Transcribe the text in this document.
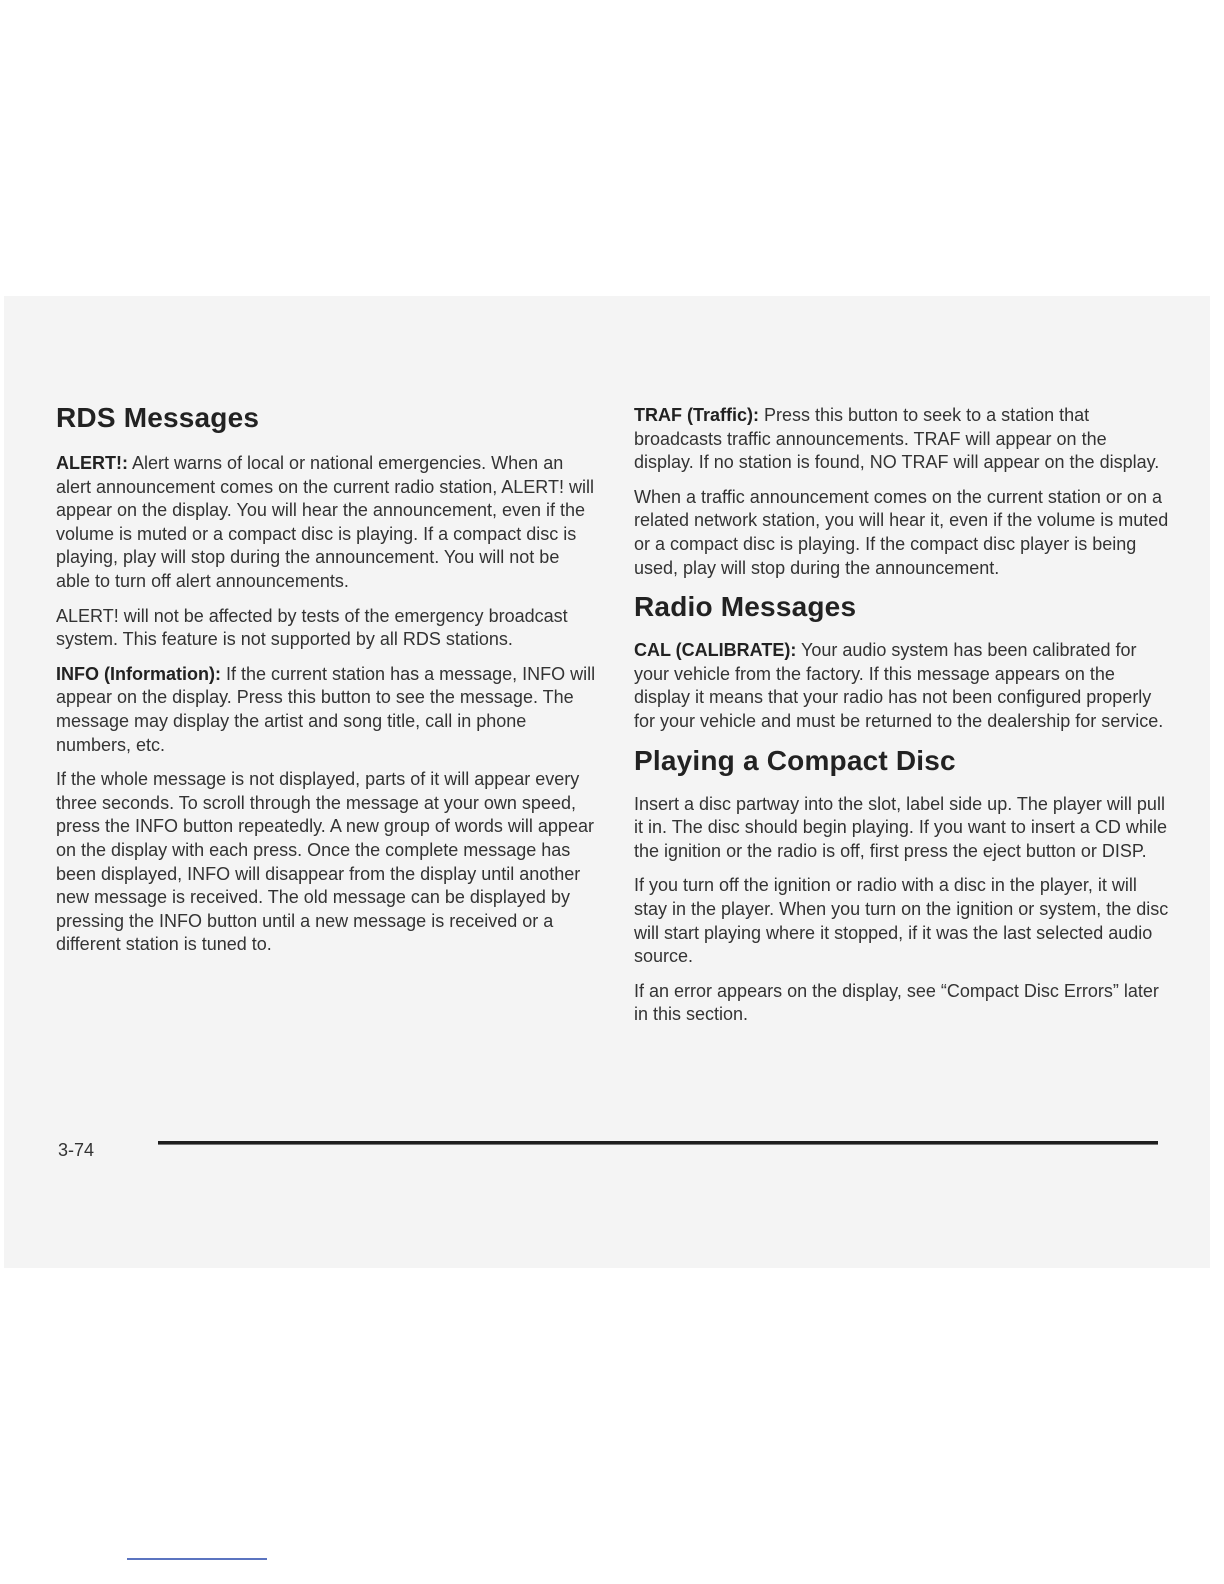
RDS Messages

ALERT!: Alert warns of local or national emergencies. When an alert announcement comes on the current radio station, ALERT! will appear on the display. You will hear the announcement, even if the volume is muted or a compact disc is playing. If a compact disc is playing, play will stop during the announcement. You will not be able to turn off alert announcements.

ALERT! will not be affected by tests of the emergency broadcast system. This feature is not supported by all RDS stations.

INFO (Information): If the current station has a message, INFO will appear on the display. Press this button to see the message. The message may display the artist and song title, call in phone numbers, etc.

If the whole message is not displayed, parts of it will appear every three seconds. To scroll through the message at your own speed, press the INFO button repeatedly. A new group of words will appear on the display with each press. Once the complete message has been displayed, INFO will disappear from the display until another new message is received. The old message can be displayed by pressing the INFO button until a new message is received or a different station is tuned to.

TRAF (Traffic): Press this button to seek to a station that broadcasts traffic announcements. TRAF will appear on the display. If no station is found, NO TRAF will appear on the display.

When a traffic announcement comes on the current station or on a related network station, you will hear it, even if the volume is muted or a compact disc is playing. If the compact disc player is being used, play will stop during the announcement.

Radio Messages

CAL (CALIBRATE): Your audio system has been calibrated for your vehicle from the factory. If this message appears on the display it means that your radio has not been configured properly for your vehicle and must be returned to the dealership for service.

Playing a Compact Disc

Insert a disc partway into the slot, label side up. The player will pull it in. The disc should begin playing. If you want to insert a CD while the ignition or the radio is off, first press the eject button or DISP.

If you turn off the ignition or radio with a disc in the player, it will stay in the player. When you turn on the ignition or system, the disc will start playing where it stopped, if it was the last selected audio source.

If an error appears on the display, see “Compact Disc Errors” later in this section.

3-74
